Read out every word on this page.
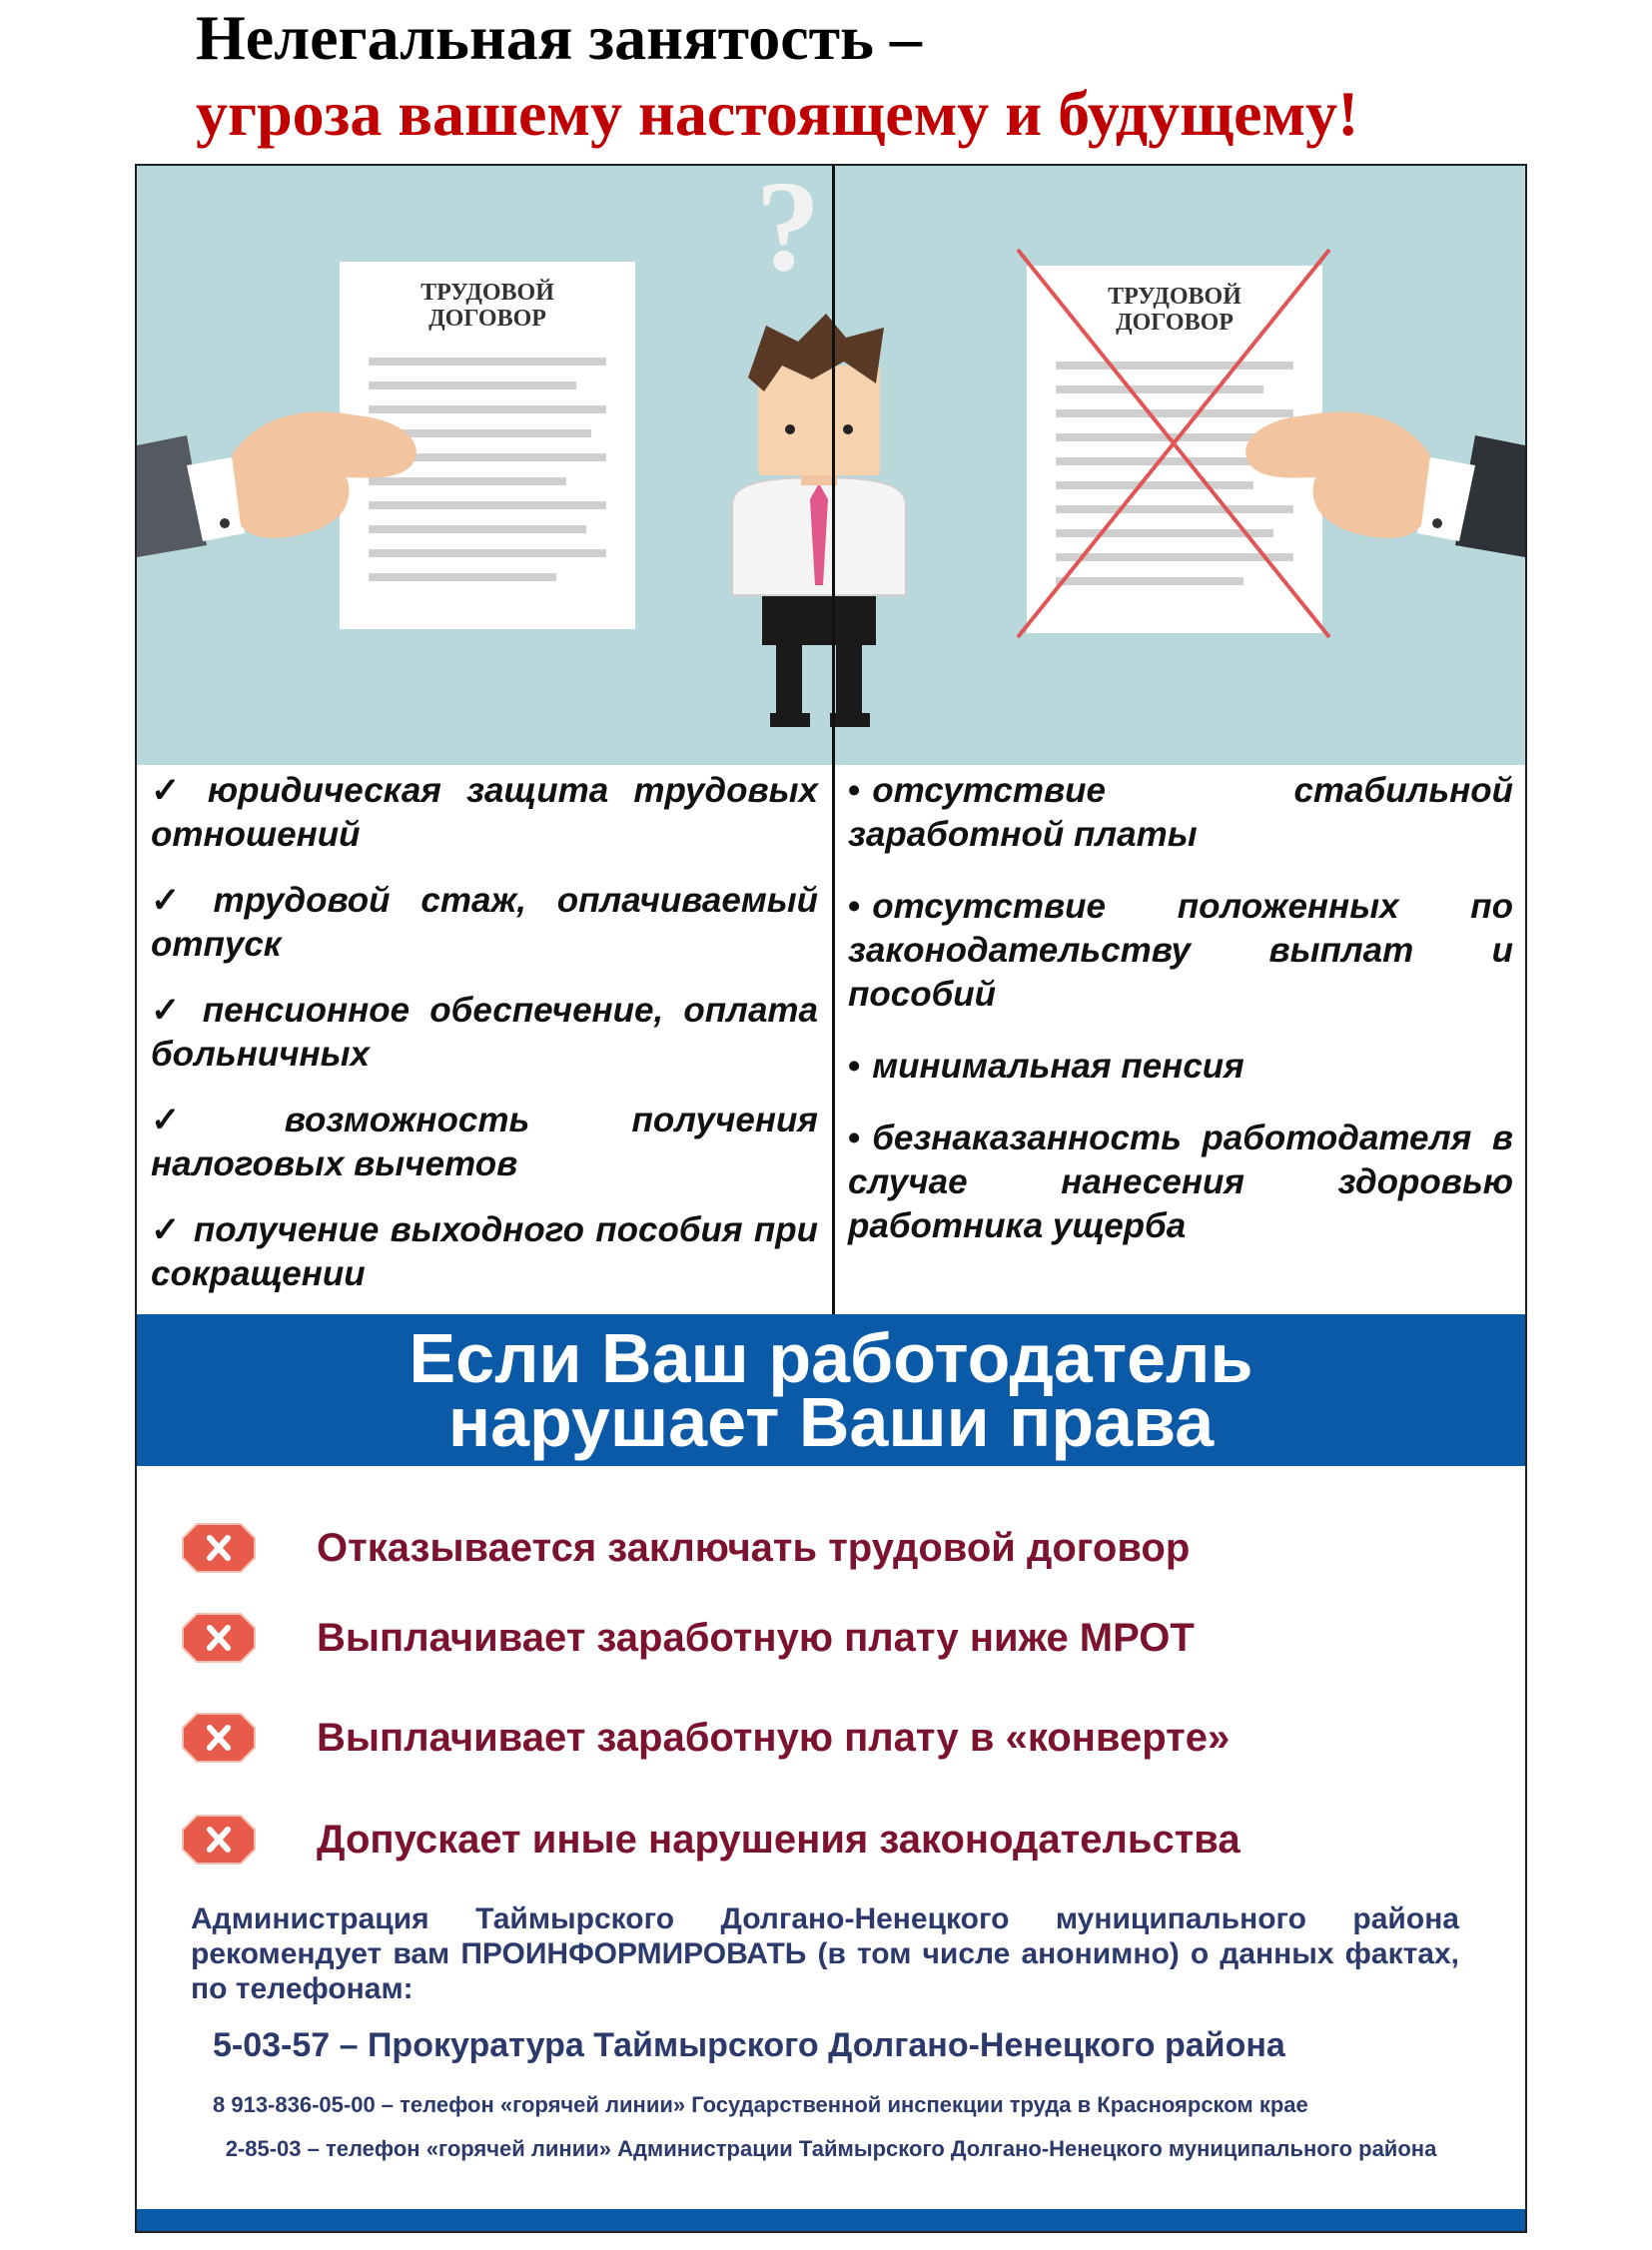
Нелегальная занятость –
угроза вашему настоящему и будущему!
?
ТРУДОВОЙ
ДОГОВОР
ТРУДОВОЙ
ДОГОВОР
✓ юридическая защита трудовых отношений
✓ трудовой стаж, оплачиваемый отпуск
✓ пенсионное обеспечение, оплата больничных
✓ возможность получения налоговых вычетов
✓ получение выходного пособия при сокращении
• отсутствие стабильной заработной платы
• отсутствие положенных по законодательству выплат и пособий
• минимальная пенсия
• безнаказанность работодателя в случае нанесения здоровью работника ущерба
Если Ваш работодатель
нарушает Ваши права
Отказывается заключать трудовой договор
Выплачивает заработную плату ниже МРОТ
Выплачивает заработную плату в «конверте»
Допускает иные нарушения законодательства
Администрация Таймырского Долгано-Ненецкого муниципального района рекомендует вам ПРОИНФОРМИРОВАТЬ (в том числе анонимно) о данных фактах, по телефонам:
5-03-57 – Прокуратура Таймырского Долгано-Ненецкого района
8 913-836-05-00 – телефон «горячей линии» Государственной инспекции труда в Красноярском крае
2-85-03 – телефон «горячей линии» Администрации Таймырского Долгано-Ненецкого муниципального района
